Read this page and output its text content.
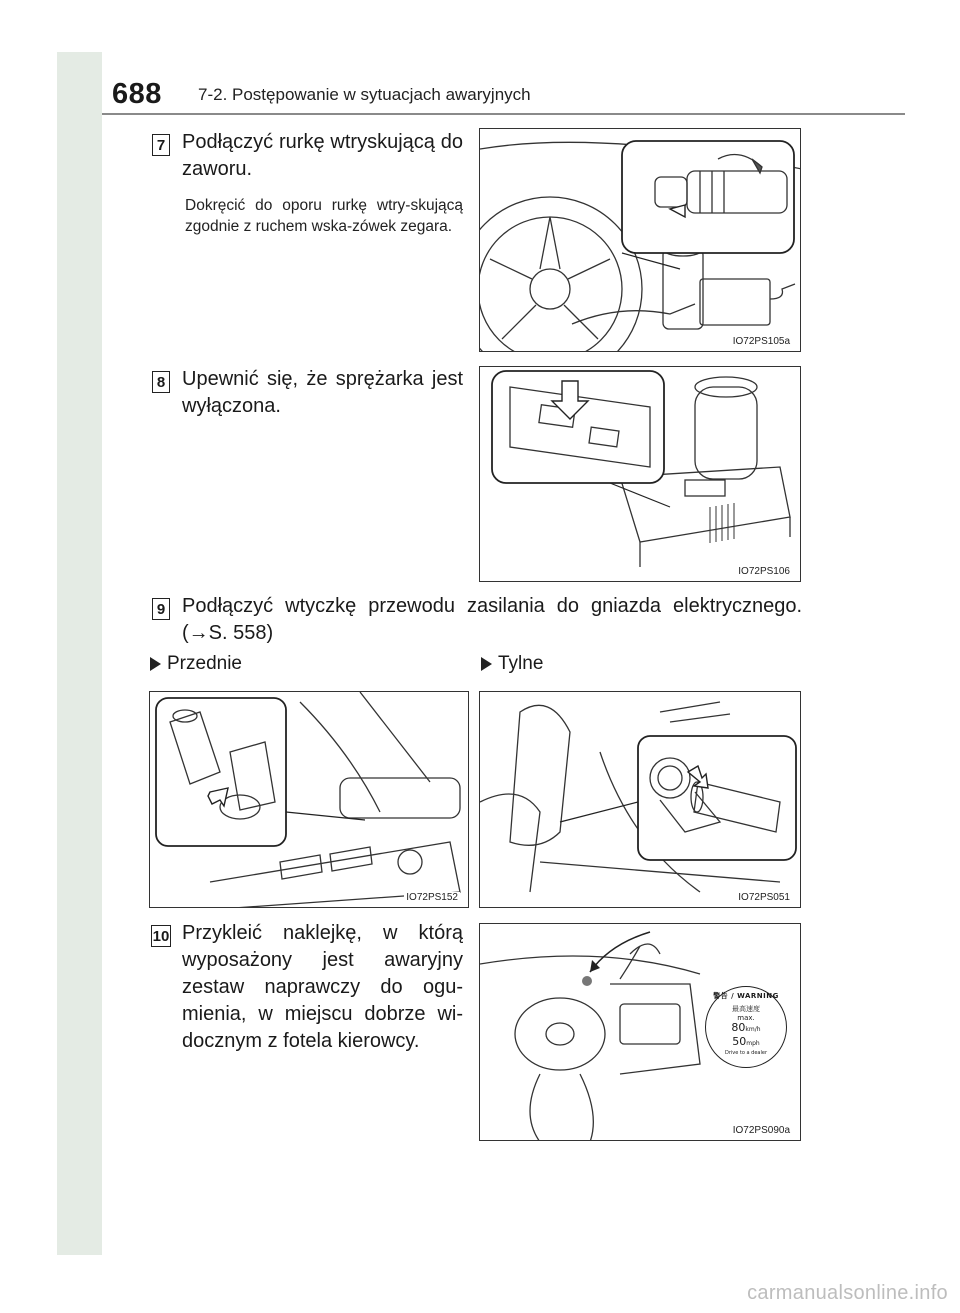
688 7-2. Postępowanie w sytuacjach awaryjnych
7 Podłączyć rurkę wtryskującą do zaworu.
Dokręcić do oporu rurkę wtry-skującą zgodnie z ruchem wska-zówek zegara.
IO72PS105a
8 Upewnić się, że sprężarka jest wyłączona.
IO72PS106
9 Podłączyć wtyczkę przewodu zasilania do gniazda elektrycznego. (→S. 558)
Przednie	Tylne
IO72PS152	IO72PS051
10 Przykleić naklejkę, w którą wyposażony jest awaryjny zestaw naprawczy do ogu-mienia, w miejscu dobrze wi-docznym z fotela kierowcy.
警告 / WARNING
最高速度
max.
80km/h
50mph
Drive to a dealer
IO72PS090a
carmanualsonline.info
